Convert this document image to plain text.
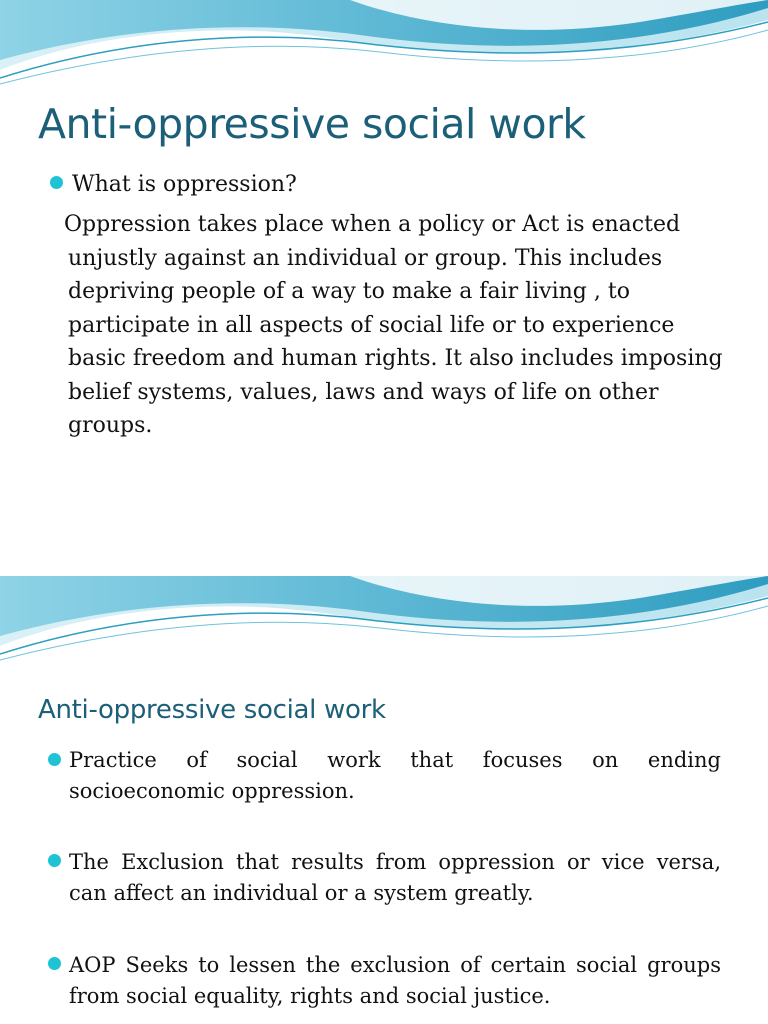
Anti-oppressive social work
What is oppression?

Oppression takes place when a policy or Act is enacted unjustly against an individual or group. This includes depriving people of a way to make a fair living , to participate in all aspects of social life or to experience basic freedom and human rights. It also includes imposing belief systems, values, laws and ways of life on other groups.

Anti-oppressive social work

Practice of social work that focuses on ending socioeconomic oppression.

The Exclusion that results from oppression or vice versa, can affect an individual or a system greatly.

AOP Seeks to lessen the exclusion of certain social groups from social equality, rights and social justice.
